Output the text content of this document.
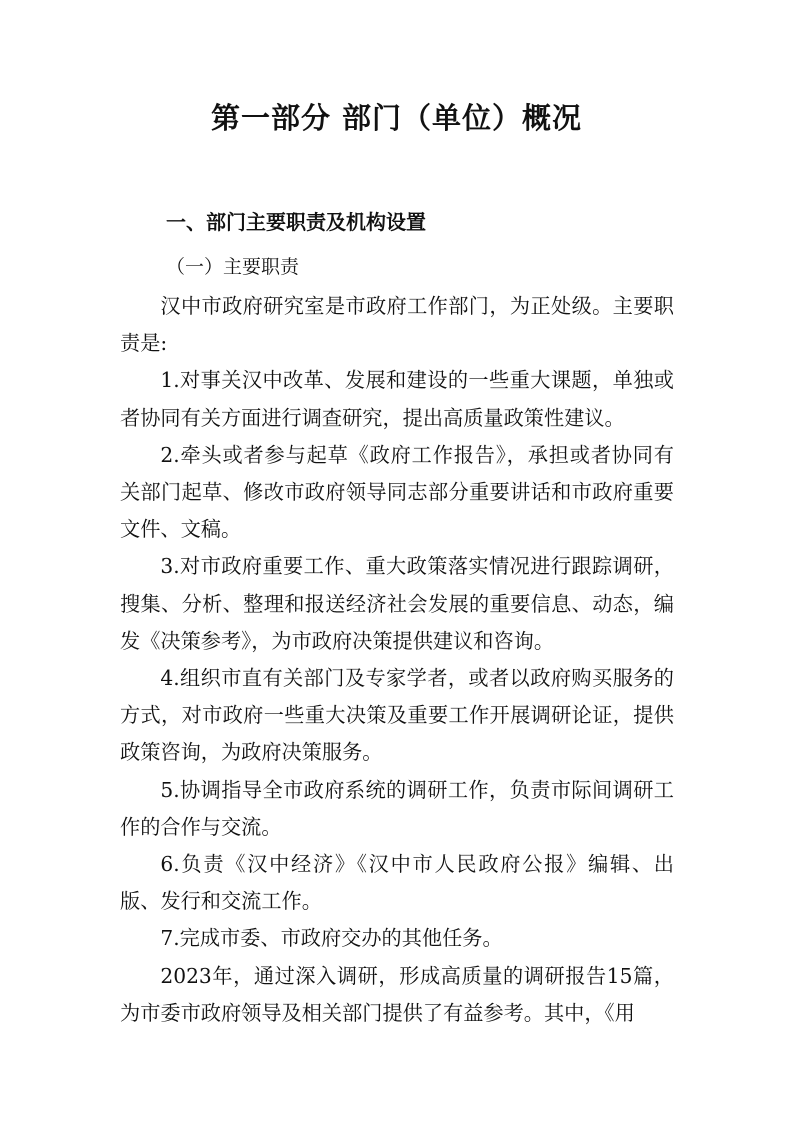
第一部分 部门（单位）概况
一、部门主要职责及机构设置
（一）主要职责

汉中市政府研究室是市政府工作部门，为正处级。主要职责是:

1.对事关汉中改革、发展和建设的一些重大课题，单独或者协同有关方面进行调查研究，提出高质量政策性建议。

2.牵头或者参与起草《政府工作报告》，承担或者协同有关部门起草、修改市政府领导同志部分重要讲话和市政府重要文件、文稿。

3.对市政府重要工作、重大政策落实情况进行跟踪调研，搜集、分析、整理和报送经济社会发展的重要信息、动态，编发《决策参考》，为市政府决策提供建议和咨询。

4.组织市直有关部门及专家学者，或者以政府购买服务的方式，对市政府一些重大决策及重要工作开展调研论证，提供政策咨询，为政府决策服务。

5.协调指导全市政府系统的调研工作，负责市际间调研工作的合作与交流。

6.负责《汉中经济》《汉中市人民政府公报》编辑、出版、发行和交流工作。

7.完成市委、市政府交办的其他任务。

2023年，通过深入调研，形成高质量的调研报告15篇，为市委市政府领导及相关部门提供了有益参考。其中，《用
